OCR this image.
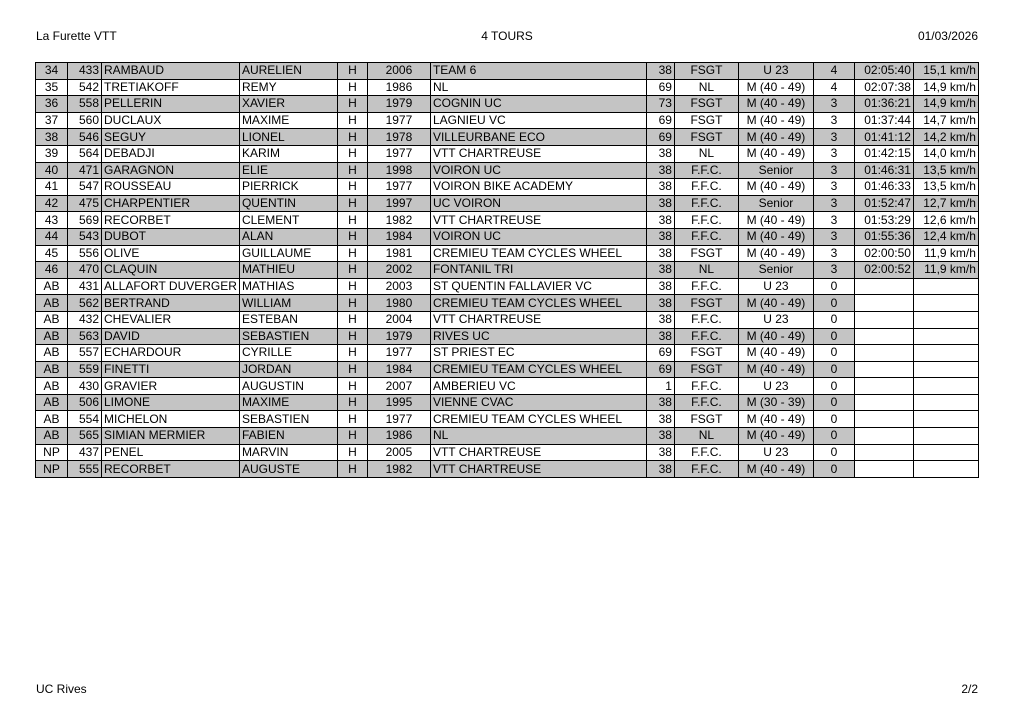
La Furette VTT	4 TOURS	01/03/2026
34	433	RAMBAUD	AURELIEN	H	2006	TEAM 6	38	FSGT	U 23	4	02:05:40	15,1 km/h
35	542	TRETIAKOFF	REMY	H	1986	NL	69	NL	M (40 - 49)	4	02:07:38	14,9 km/h
36	558	PELLERIN	XAVIER	H	1979	COGNIN UC	73	FSGT	M (40 - 49)	3	01:36:21	14,9 km/h
37	560	DUCLAUX	MAXIME	H	1977	LAGNIEU VC	69	FSGT	M (40 - 49)	3	01:37:44	14,7 km/h
38	546	SEGUY	LIONEL	H	1978	VILLEURBANE ECO	69	FSGT	M (40 - 49)	3	01:41:12	14,2 km/h
39	564	DEBADJI	KARIM	H	1977	VTT CHARTREUSE	38	NL	M (40 - 49)	3	01:42:15	14,0 km/h
40	471	GARAGNON	ELIE	H	1998	VOIRON UC	38	F.F.C.	Senior	3	01:46:31	13,5 km/h
41	547	ROUSSEAU	PIERRICK	H	1977	VOIRON BIKE ACADEMY	38	F.F.C.	M (40 - 49)	3	01:46:33	13,5 km/h
42	475	CHARPENTIER	QUENTIN	H	1997	UC VOIRON	38	F.F.C.	Senior	3	01:52:47	12,7 km/h
43	569	RECORBET	CLEMENT	H	1982	VTT CHARTREUSE	38	F.F.C.	M (40 - 49)	3	01:53:29	12,6 km/h
44	543	DUBOT	ALAN	H	1984	VOIRON UC	38	F.F.C.	M (40 - 49)	3	01:55:36	12,4 km/h
45	556	OLIVE	GUILLAUME	H	1981	CREMIEU TEAM CYCLES WHEEL	38	FSGT	M (40 - 49)	3	02:00:50	11,9 km/h
46	470	CLAQUIN	MATHIEU	H	2002	FONTANIL TRI	38	NL	Senior	3	02:00:52	11,9 km/h
AB	431	ALLAFORT DUVERGER	MATHIAS	H	2003	ST QUENTIN FALLAVIER VC	38	F.F.C.	U 23	0		
AB	562	BERTRAND	WILLIAM	H	1980	CREMIEU TEAM CYCLES WHEEL	38	FSGT	M (40 - 49)	0		
AB	432	CHEVALIER	ESTEBAN	H	2004	VTT CHARTREUSE	38	F.F.C.	U 23	0		
AB	563	DAVID	SEBASTIEN	H	1979	RIVES UC	38	F.F.C.	M (40 - 49)	0		
AB	557	ECHARDOUR	CYRILLE	H	1977	ST PRIEST EC	69	FSGT	M (40 - 49)	0		
AB	559	FINETTI	JORDAN	H	1984	CREMIEU TEAM CYCLES WHEEL	69	FSGT	M (40 - 49)	0		
AB	430	GRAVIER	AUGUSTIN	H	2007	AMBERIEU VC	1	F.F.C.	U 23	0		
AB	506	LIMONE	MAXIME	H	1995	VIENNE CVAC	38	F.F.C.	M (30 - 39)	0		
AB	554	MICHELON	SEBASTIEN	H	1977	CREMIEU TEAM CYCLES WHEEL	38	FSGT	M (40 - 49)	0		
AB	565	SIMIAN MERMIER	FABIEN	H	1986	NL	38	NL	M (40 - 49)	0		
NP	437	PENEL	MARVIN	H	2005	VTT CHARTREUSE	38	F.F.C.	U 23	0		
NP	555	RECORBET	AUGUSTE	H	1982	VTT CHARTREUSE	38	F.F.C.	M (40 - 49)	0		
UC Rives	2/2
